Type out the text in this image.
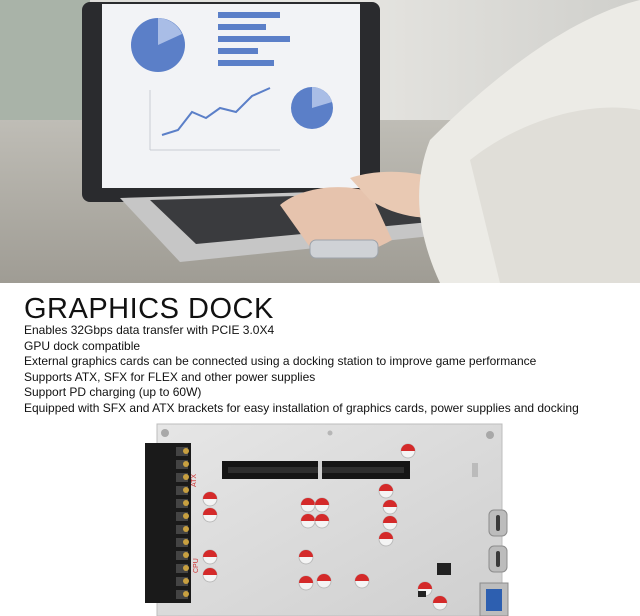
GRAPHICS DOCK
Enables 32Gbps data transfer with PCIE 3.0X4
GPU dock compatible
External graphics cards can be connected using a docking station to improve game performance
Supports ATX, SFX for FLEX and other power supplies
Support PD charging (up to 60W)
Equipped with SFX and ATX brackets for easy installation of graphics cards, power supplies and docking
ATX
CPU
